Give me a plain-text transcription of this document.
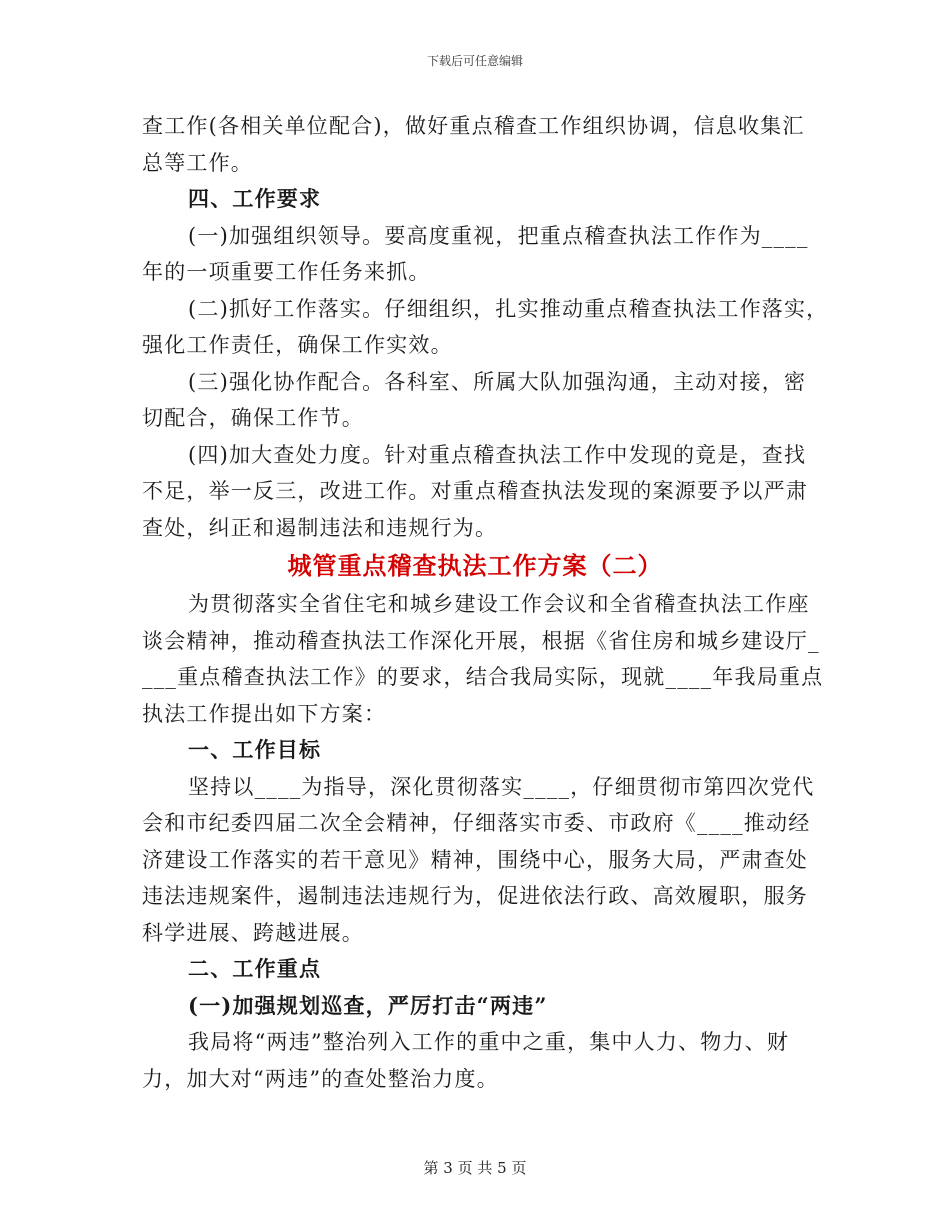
下载后可任意编辑

查工作(各相关单位配合)，做好重点稽查工作组织协调，信息收集汇

总等工作。

四、工作要求

(一)加强组织领导。要高度重视，把重点稽查执法工作作为____

年的一项重要工作任务来抓。

(二)抓好工作落实。仔细组织，扎实推动重点稽查执法工作落实，

强化工作责任，确保工作实效。

(三)强化协作配合。各科室、所属大队加强沟通，主动对接，密

切配合，确保工作节。

(四)加大查处力度。针对重点稽查执法工作中发现的竟是，查找

不足，举一反三，改进工作。对重点稽查执法发现的案源要予以严肃

查处，纠正和遏制违法和违规行为。

城管重点稽查执法工作方案（二）

为贯彻落实全省住宅和城乡建设工作会议和全省稽查执法工作座

谈会精神，推动稽查执法工作深化开展，根据《省住房和城乡建设厅_

___重点稽查执法工作》的要求，结合我局实际，现就____年我局重点

执法工作提出如下方案：

一、工作目标

坚持以____为指导，深化贯彻落实____，仔细贯彻市第四次党代

会和市纪委四届二次全会精神，仔细落实市委、市政府《____推动经

济建设工作落实的若干意见》精神，围绕中心，服务大局，严肃查处

违法违规案件，遏制违法违规行为，促进依法行政、高效履职，服务

科学进展、跨越进展。

二、工作重点

(一)加强规划巡查，严厉打击“两违”

我局将“两违”整治列入工作的重中之重，集中人力、物力、财

力，加大对“两违”的查处整治力度。

第 3 页 共 5 页
